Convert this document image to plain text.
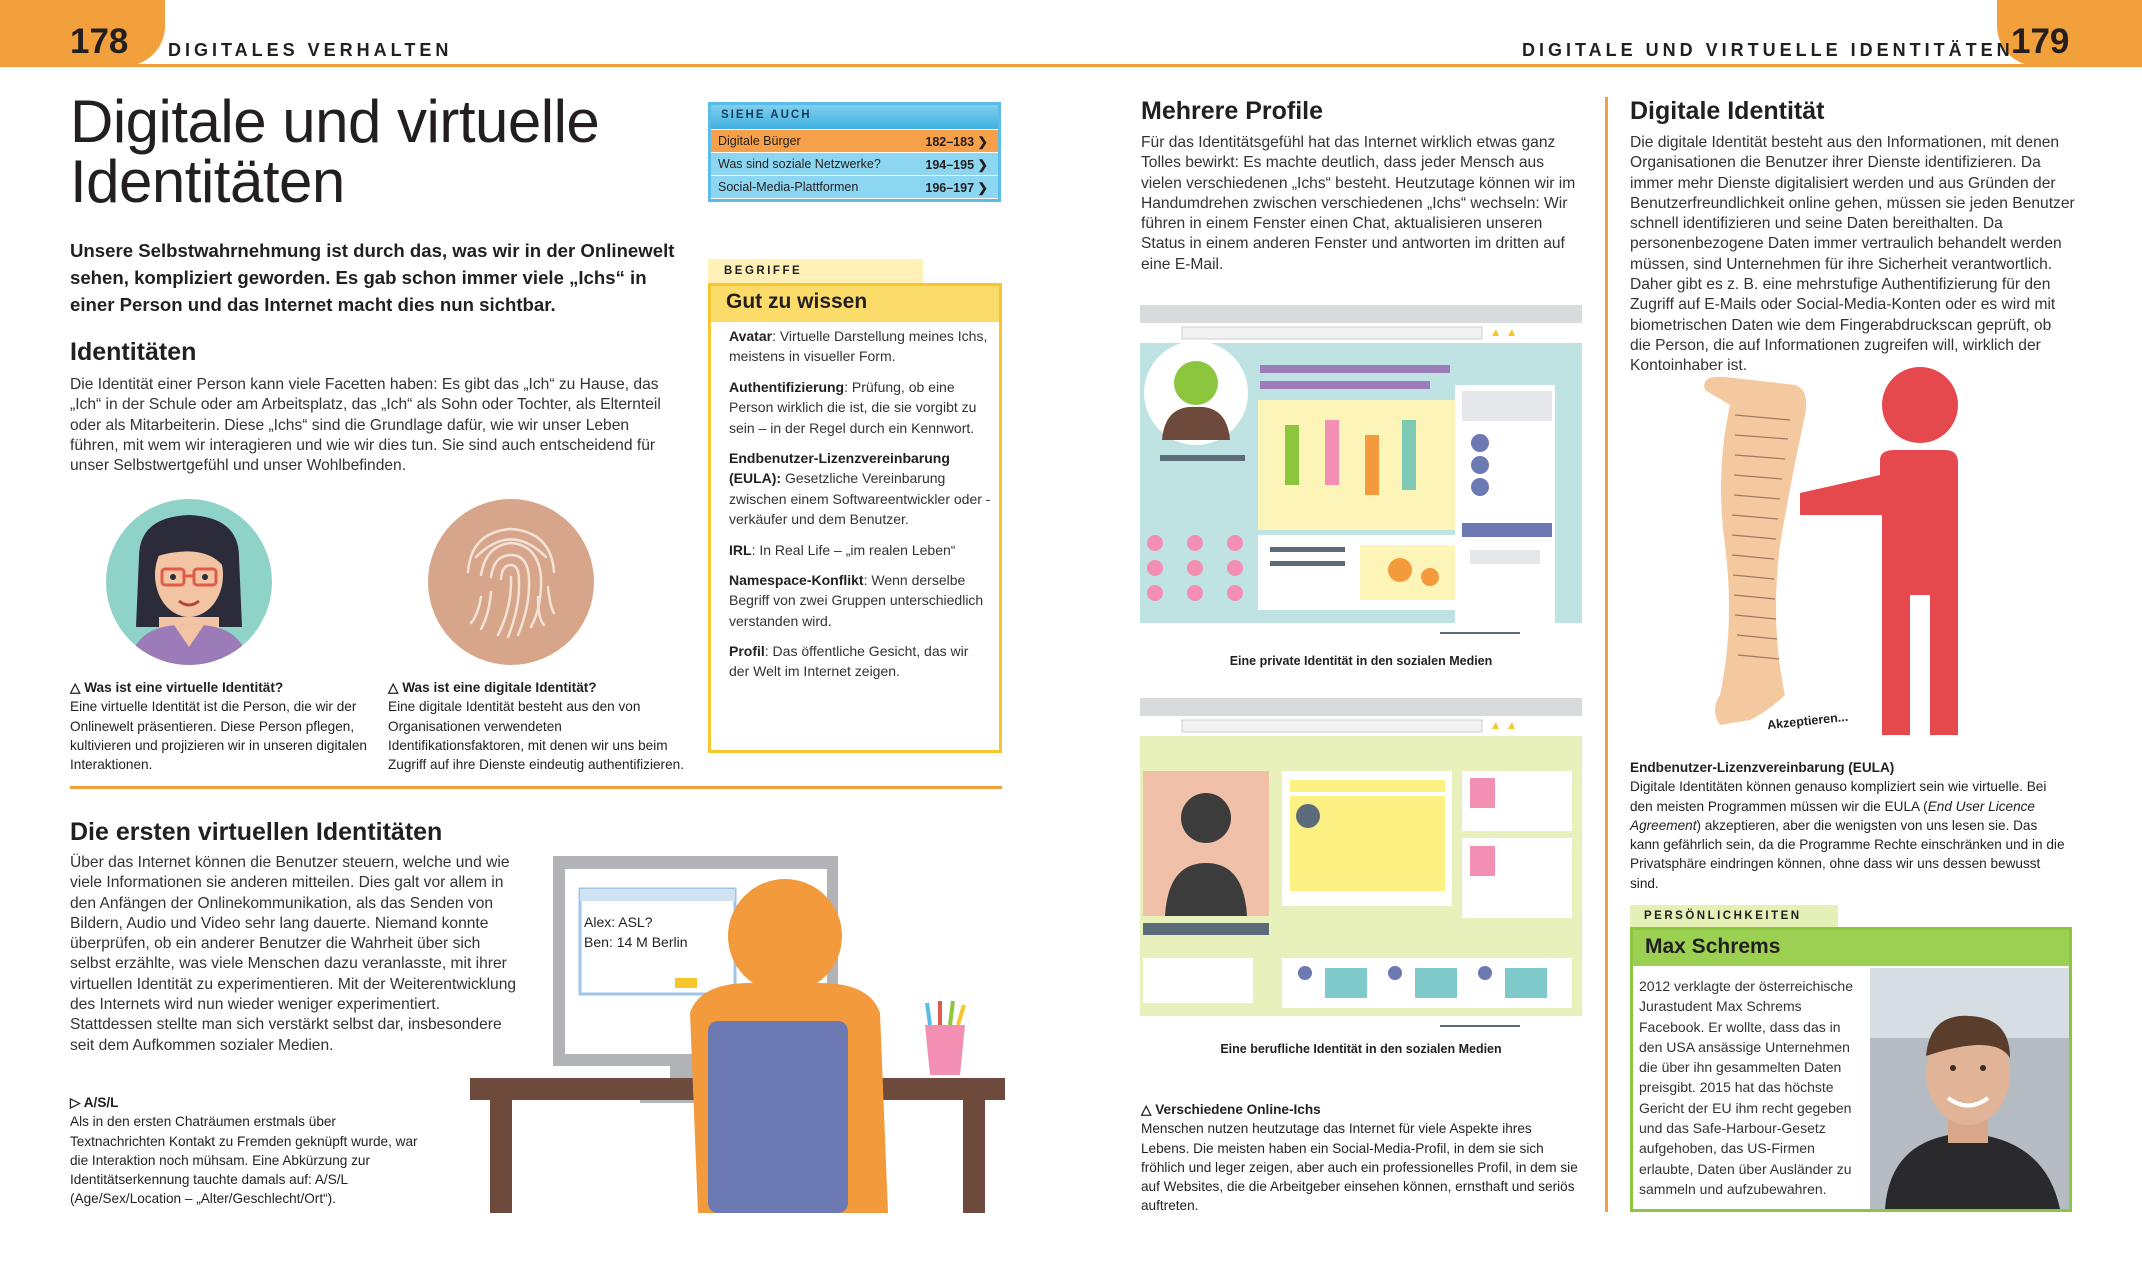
178 DIGITALES VERHALTEN	DIGITALE UND VIRTUELLE IDENTITÄTEN
179
Digitale und virtuelle
Identitäten
Unsere Selbstwahrnehmung ist durch das, was wir in der Onlinewelt sehen, kompliziert geworden. Es gab schon immer viele „Ichs“ in einer Person und das Internet macht dies nun sichtbar.
SIEHE AUCH
Digitale Bürger	182–183 ❯
Was sind soziale Netzwerke?	194–195 ❯
Social-Media-Plattformen	196–197 ❯
Identitäten
Die Identität einer Person kann viele Facetten haben: Es gibt das „Ich“ zu Hause, das „Ich“ in der Schule oder am Arbeitsplatz, das „Ich“ als Sohn oder Tochter, als Elternteil oder als Mitarbeiterin. Diese „Ichs“ sind die Grundlage dafür, wie wir unser Leben führen, mit wem wir interagieren und wie wir dies tun. Sie sind auch entscheidend für unser Selbstwertgefühl und unser Wohlbefinden.
△ Was ist eine virtuelle Identität?
Eine virtuelle Identität ist die Person, die wir der Onlinewelt präsentieren. Diese Person pflegen, kultivieren und projizieren wir in unseren digitalen Interaktionen.
△ Was ist eine digitale Identität?
Eine digitale Identität besteht aus den von Organisationen verwendeten Identifikationsfaktoren, mit denen wir uns beim Zugriff auf ihre Dienste eindeutig authentifizieren.
BEGRIFFE
Gut zu wissen
Avatar: Virtuelle Darstellung meines Ichs, meistens in visueller Form.
Authentifizierung: Prüfung, ob eine Person wirklich die ist, die sie vorgibt zu sein – in der Regel durch ein Kennwort.
Endbenutzer-Lizenzvereinbarung (EULA): Gesetzliche Vereinbarung zwischen einem Softwareentwickler oder -verkäufer und dem Benutzer.
IRL: In Real Life – „im realen Leben“
Namespace-Konflikt: Wenn derselbe Begriff von zwei Gruppen unterschiedlich verstanden wird.
Profil: Das öffentliche Gesicht, das wir der Welt im Internet zeigen.
Die ersten virtuellen Identitäten
Über das Internet können die Benutzer steuern, welche und wie viele Informationen sie anderen mitteilen. Dies galt vor allem in den Anfängen der Onlinekommunikation, als das Senden von Bildern, Audio und Video sehr lang dauerte. Niemand konnte überprüfen, ob ein anderer Benutzer die Wahrheit über sich selbst erzählte, was viele Menschen dazu veranlasste, mit ihrer virtuellen Identität zu experimentieren. Mit der Weiterentwicklung des Internets wird nun wieder weniger experimentiert. Stattdessen stellte man sich verstärkt selbst dar, insbesondere seit dem Aufkommen sozialer Medien.
Alex: ASL?
Ben: 14 M Berlin
▷ A/S/L
Als in den ersten Chaträumen erstmals über Textnachrichten Kontakt zu Fremden geknüpft wurde, war die Interaktion noch mühsam. Eine Abkürzung zur Identitätserkennung tauchte damals auf: A/S/L (Age/Sex/Location – „Alter/Geschlecht/Ort“).
Mehrere Profile
Für das Identitätsgefühl hat das Internet wirklich etwas ganz Tolles bewirkt: Es machte deutlich, dass jeder Mensch aus vielen verschiedenen „Ichs“ besteht. Heutzutage können wir im Handumdrehen zwischen verschiedenen „Ichs“ wechseln: Wir führen in einem Fenster einen Chat, aktualisieren unseren Status in einem anderen Fenster und antworten im dritten auf eine E-Mail.
Eine private Identität in den sozialen Medien
Eine berufliche Identität in den sozialen Medien
△ Verschiedene Online-Ichs
Menschen nutzen heutzutage das Internet für viele Aspekte ihres Lebens. Die meisten haben ein Social-Media-Profil, in dem sie sich fröhlich und leger zeigen, aber auch ein professionelles Profil, in dem sie auf Websites, die die Arbeitgeber einsehen können, ernsthaft und seriös auftreten.
Digitale Identität
Die digitale Identität besteht aus den Informationen, mit denen Organisationen die Benutzer ihrer Dienste identifizieren. Da immer mehr Dienste digitalisiert werden und aus Gründen der Benutzerfreundlichkeit online gehen, müssen sie jeden Benutzer schnell identifizieren und seine Daten bereithalten. Da personenbezogene Daten immer vertraulich behandelt werden müssen, sind Unternehmen für ihre Sicherheit verantwortlich. Daher gibt es z. B. eine mehrstufige Authentifizierung für den Zugriff auf E-Mails oder Social-Media-Konten oder es wird mit biometrischen Daten wie dem Fingerabdruckscan geprüft, ob die Person, die auf Informationen zugreifen will, wirklich der Kontoinhaber ist.
Akzeptieren...
Endbenutzer-Lizenzvereinbarung (EULA)
Digitale Identitäten können genauso kompliziert sein wie virtuelle. Bei den meisten Programmen müssen wir die EULA (End User Licence Agreement) akzeptieren, aber die wenigsten von uns lesen sie. Das kann gefährlich sein, da die Programme Rechte einschränken und in die Privatsphäre eindringen können, ohne dass wir uns dessen bewusst sind.
PERSÖNLICHKEITEN
Max Schrems
2012 verklagte der österreichische Jurastudent Max Schrems Facebook. Er wollte, dass das in den USA ansässige Unternehmen die über ihn gesammelten Daten preisgibt. 2015 hat das höchste Gericht der EU ihm recht gegeben und das Safe-Harbour-Gesetz aufgehoben, das US-Firmen erlaubte, Daten über Ausländer zu sammeln und aufzubewahren.
